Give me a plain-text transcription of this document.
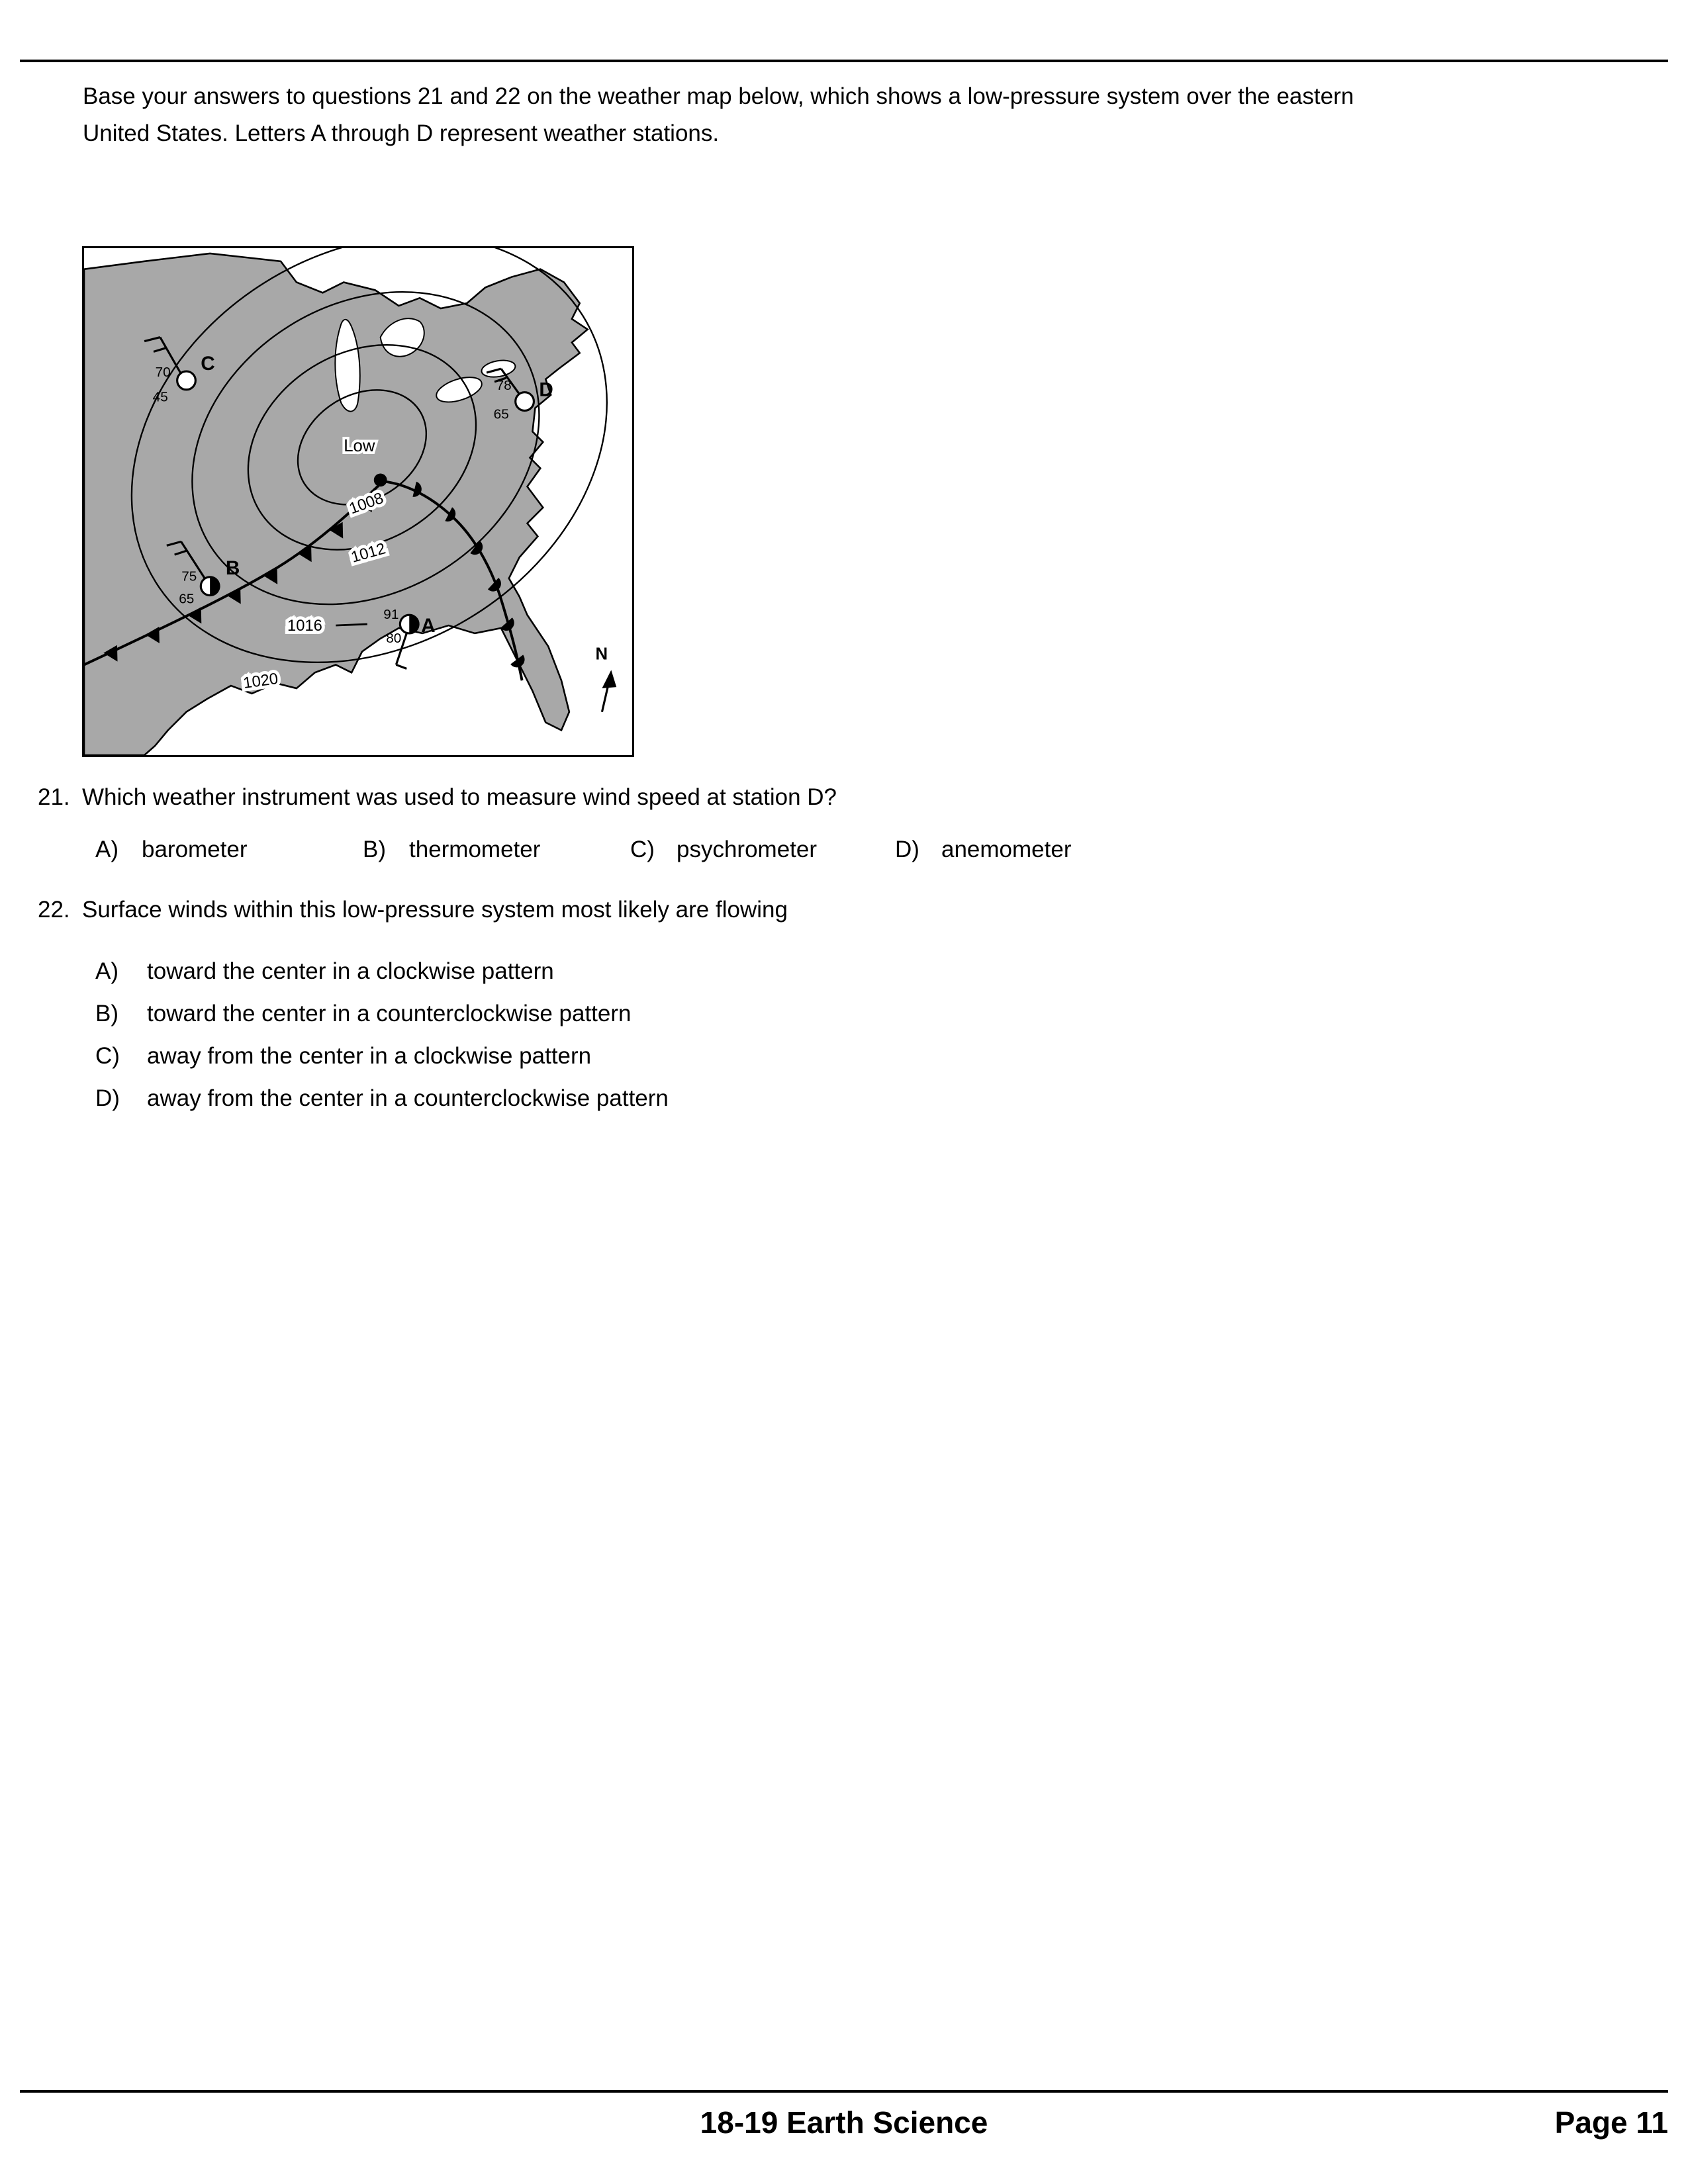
Base your answers to questions 21 and 22 on the weather map below, which shows a low-pressure system over the eastern United States. Letters A through D represent weather stations.
Low
1008
1012
1016
1020
C
70
45	D
78
65
B
75
65
A
91
80
N
21. Which weather instrument was used to measure wind speed at station D?
A) barometer	B) thermometer	C) psychrometer	D) anemometer
22. Surface winds within this low-pressure system most likely are flowing
A) toward the center in a clockwise pattern
B) toward the center in a counterclockwise pattern
C) away from the center in a clockwise pattern
D) away from the center in a counterclockwise pattern
18-19 Earth Science	Page 11
